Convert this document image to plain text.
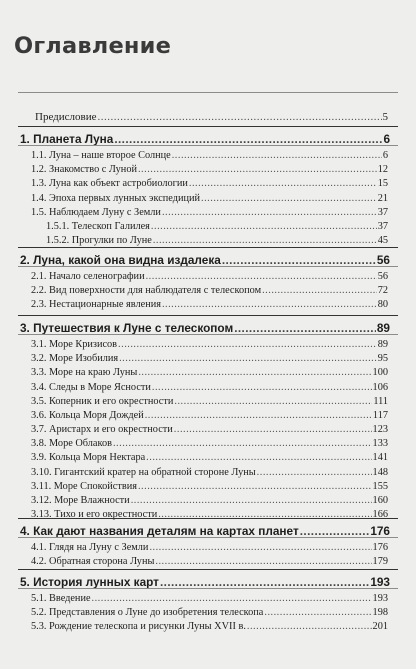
Оглавление
Предисловие .....	5
1. Планета Луна .....	6
1.1. Луна – наше второе Солнце .....	6
1.2. Знакомство с Луной .....	12
1.3. Луна как объект астробиологии .....	15
1.4. Эпоха первых лунных экспедиций .....	21
1.5. Наблюдаем Луну с Земли .....	37
1.5.1. Телескоп Галилея .....	37
1.5.2. Прогулки по Луне .....	45
2. Луна, какой она видна издалека .....	56
2.1. Начало селенографии .....	56
2.2. Вид поверхности для наблюдателя с телескопом .....	72
2.3. Нестационарные явления .....	80
3. Путешествия к Луне с телескопом .....	89
3.1. Море Кризисов .....	89
3.2. Море Изобилия .....	95
3.3. Море на краю Луны .....	100
3.4. Следы в Море Ясности .....	106
3.5. Коперник и его окрестности .....	111
3.6. Кольца Моря Дождей .....	117
3.7. Аристарх и его окрестности .....	123
3.8. Море Облаков .....	133
3.9. Кольца Моря Нектара .....	141
3.10. Гигантский кратер на обратной стороне Луны .....	148
3.11. Море Спокойствия .....	155
3.12. Море Влажности .....	160
3.13. Тихо и его окрестности .....	166
4. Как дают названия деталям на картах планет .....	176
4.1. Глядя на Луну с Земли .....	176
4.2. Обратная сторона Луны .....	179
5. История лунных карт .....	193
5.1. Введение .....	193
5.2. Представления о Луне до изобретения телескопа .....	198
5.3. Рождение телескопа и рисунки Луны XVII в. .....	201
